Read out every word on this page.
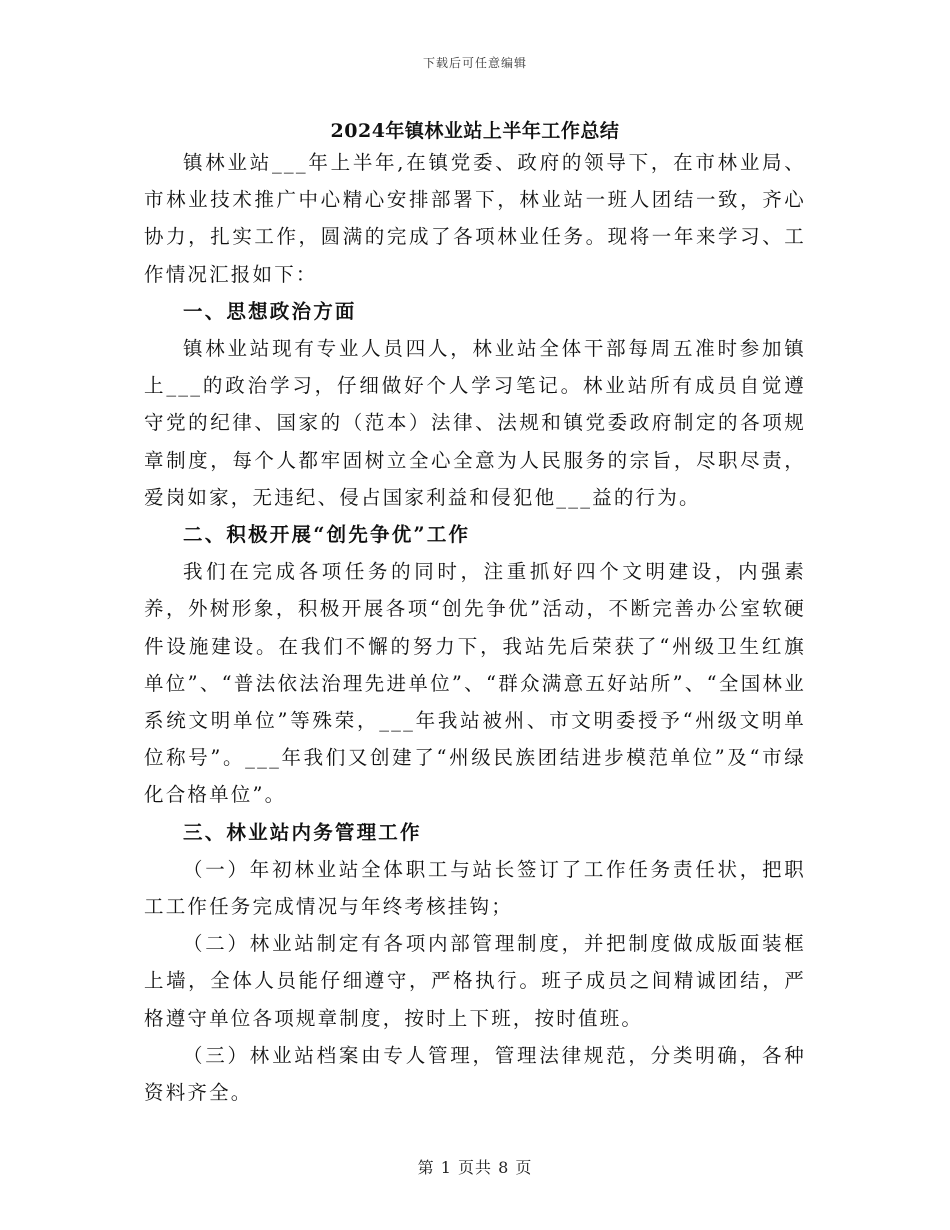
下载后可任意编辑
2024年镇林业站上半年工作总结

镇林业站___年上半年,在镇党委、政府的领导下，在市林业局、市林业技术推广中心精心安排部署下，林业站一班人团结一致，齐心协力，扎实工作，圆满的完成了各项林业任务。现将一年来学习、工作情况汇报如下：

一、思想政治方面

镇林业站现有专业人员四人，林业站全体干部每周五准时参加镇上___的政治学习，仔细做好个人学习笔记。林业站所有成员自觉遵守党的纪律、国家的（范本）法律、法规和镇党委政府制定的各项规章制度，每个人都牢固树立全心全意为人民服务的宗旨，尽职尽责，爱岗如家，无违纪、侵占国家利益和侵犯他___益的行为。

二、积极开展“创先争优”工作

我们在完成各项任务的同时，注重抓好四个文明建设，内强素养，外树形象，积极开展各项“创先争优”活动，不断完善办公室软硬件设施建设。在我们不懈的努力下，我站先后荣获了“州级卫生红旗单位”、“普法依法治理先进单位”、“群众满意五好站所”、“全国林业系统文明单位”等殊荣，___年我站被州、市文明委授予“州级文明单位称号”。___年我们又创建了“州级民族团结进步模范单位”及“市绿化合格单位”。

三、林业站内务管理工作

（一）年初林业站全体职工与站长签订了工作任务责任状，把职工工作任务完成情况与年终考核挂钩；

（二）林业站制定有各项内部管理制度，并把制度做成版面装框上墙，全体人员能仔细遵守，严格执行。班子成员之间精诚团结，严格遵守单位各项规章制度，按时上下班，按时值班。

（三）林业站档案由专人管理，管理法律规范，分类明确，各种资料齐全。

第 1 页共 8 页
